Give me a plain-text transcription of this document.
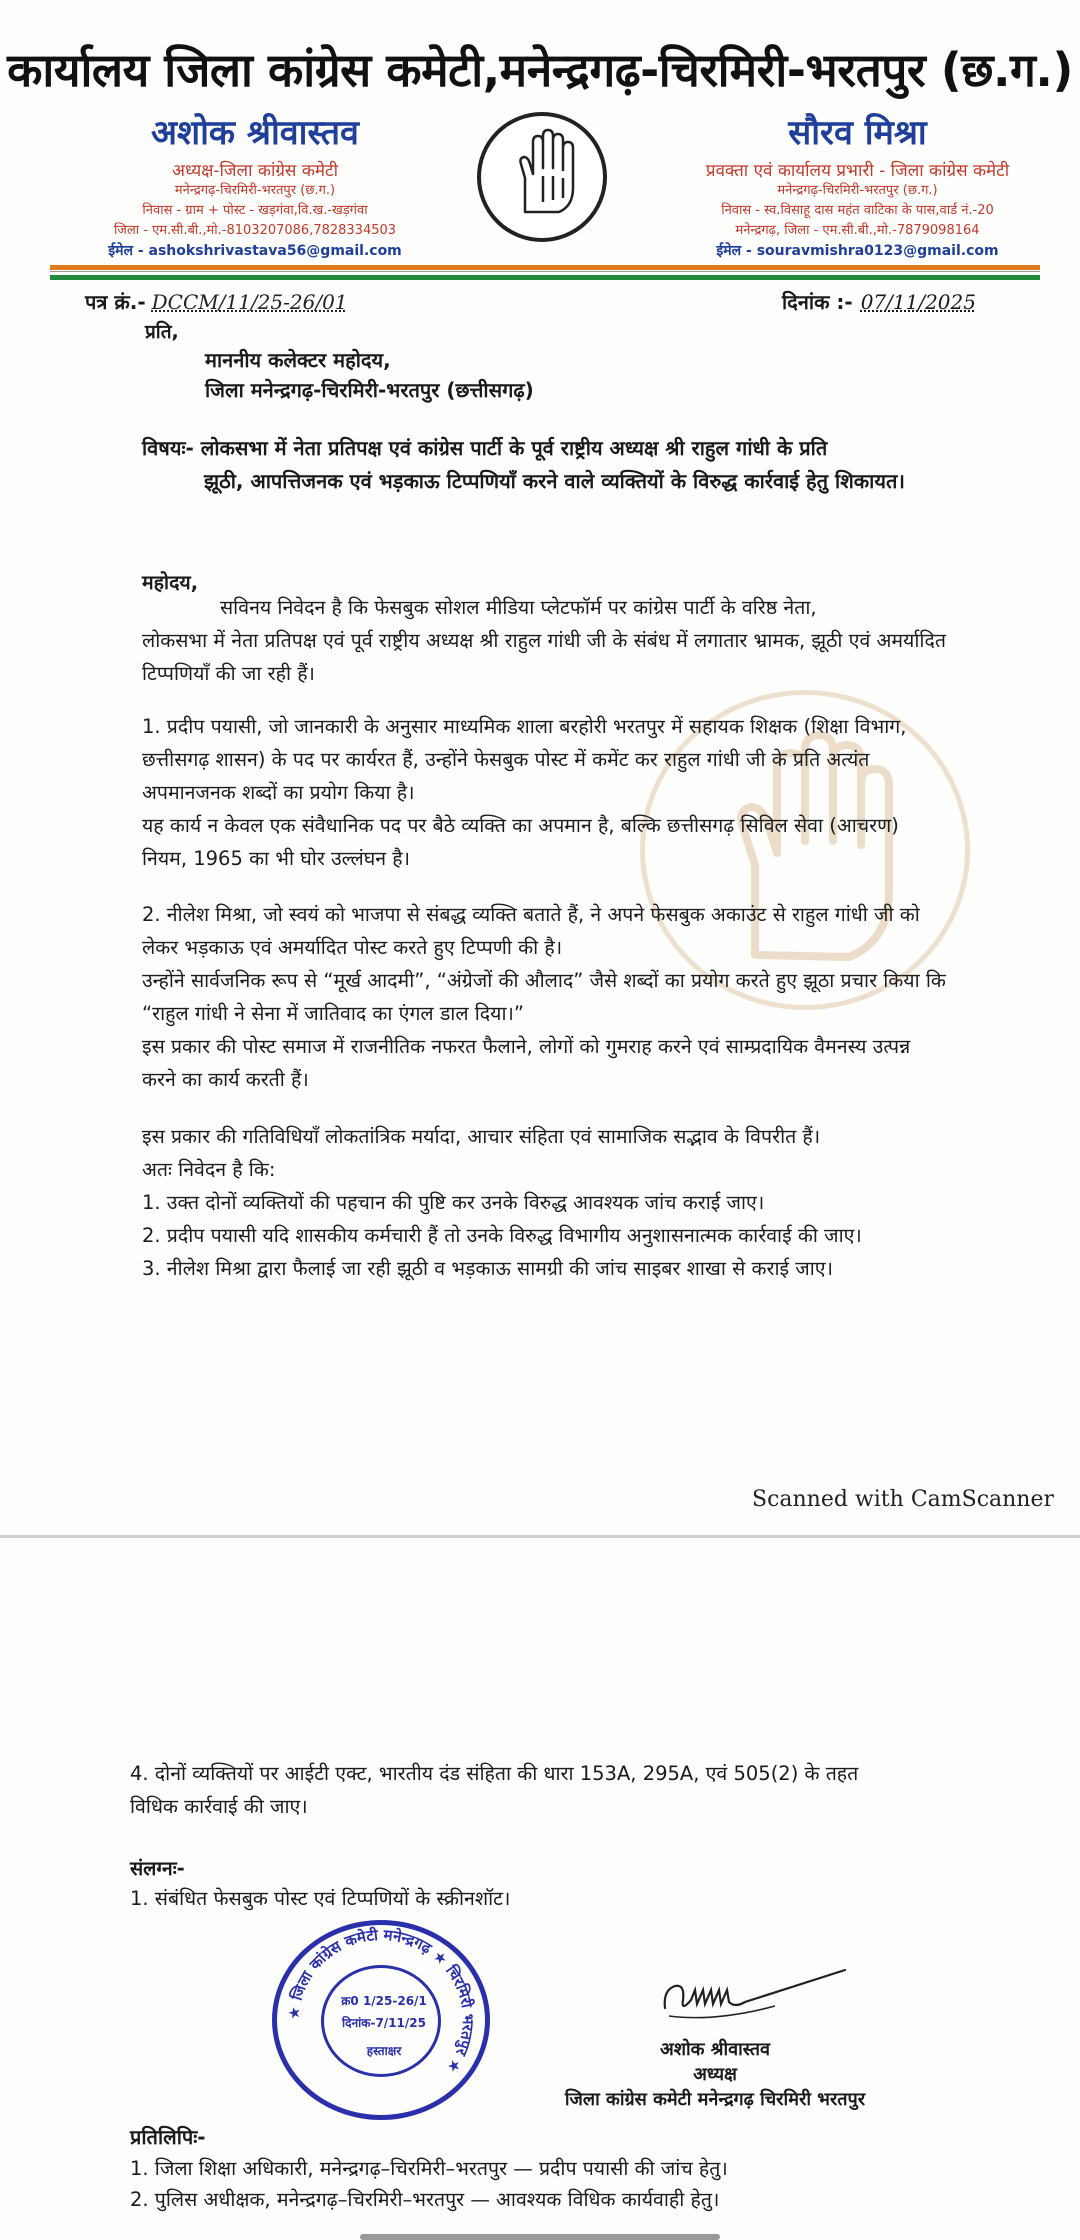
कार्यालय जिला कांग्रेस कमेटी,मनेन्द्रगढ़-चिरमिरी-भरतपुर (छ.ग.)
अशोक श्रीवास्तव
अध्यक्ष-जिला कांग्रेस कमेटी
मनेन्द्रगढ़-चिरमिरी-भरतपुर (छ.ग.)
निवास - ग्राम + पोस्ट - खड़गंवा,वि.ख.-खड़गंवा
जिला - एम.सी.बी.,मो.-8103207086,7828334503
ईमेल - ashokshrivastava56@gmail.com
सौरव मिश्रा
प्रवक्ता एवं कार्यालय प्रभारी - जिला कांग्रेस कमेटी
मनेन्द्रगढ़-चिरमिरी-भरतपुर (छ.ग.)
निवास - स्व.विसाहू दास महंत वाटिका के पास,वार्ड नं.-20
मनेन्द्रगढ़, जिला - एम.सी.बी.,मो.-7879098164
ईमेल - souravmishra0123@gmail.com
पत्र क्रं.- DCCM/11/25-26/01	दिनांक :- 07/11/2025
प्रति,
माननीय कलेक्टर महोदय,
जिला मनेन्द्रगढ़-चिरमिरी-भरतपुर (छत्तीसगढ़)
विषयः- लोकसभा में नेता प्रतिपक्ष एवं कांग्रेस पार्टी के पूर्व राष्ट्रीय अध्यक्ष श्री राहुल गांधी के प्रति
झूठी, आपत्तिजनक एवं भड़काऊ टिप्पणियाँ करने वाले व्यक्तियों के विरुद्ध कार्रवाई हेतु शिकायत।
महोदय,
सविनय निवेदन है कि फेसबुक सोशल मीडिया प्लेटफॉर्म पर कांग्रेस पार्टी के वरिष्ठ नेता,
लोकसभा में नेता प्रतिपक्ष एवं पूर्व राष्ट्रीय अध्यक्ष श्री राहुल गांधी जी के संबंध में लगातार भ्रामक, झूठी एवं अमर्यादित टिप्पणियाँ की जा रही हैं।
1. प्रदीप पयासी, जो जानकारी के अनुसार माध्यमिक शाला बरहोरी भरतपुर में सहायक शिक्षक (शिक्षा विभाग, छत्तीसगढ़ शासन) के पद पर कार्यरत हैं, उन्होंने फेसबुक पोस्ट में कमेंट कर राहुल गांधी जी के प्रति अत्यंत अपमानजनक शब्दों का प्रयोग किया है।
यह कार्य न केवल एक संवैधानिक पद पर बैठे व्यक्ति का अपमान है, बल्कि छत्तीसगढ़ सिविल सेवा (आचरण) नियम, 1965 का भी घोर उल्लंघन है।
2. नीलेश मिश्रा, जो स्वयं को भाजपा से संबद्ध व्यक्ति बताते हैं, ने अपने फेसबुक अकाउंट से राहुल गांधी जी को लेकर भड़काऊ एवं अमर्यादित पोस्ट करते हुए टिप्पणी की है।
उन्होंने सार्वजनिक रूप से “मूर्ख आदमी”, “अंग्रेजों की औलाद” जैसे शब्दों का प्रयोग करते हुए झूठा प्रचार किया कि “राहुल गांधी ने सेना में जातिवाद का एंगल डाल दिया।”
इस प्रकार की पोस्ट समाज में राजनीतिक नफरत फैलाने, लोगों को गुमराह करने एवं साम्प्रदायिक वैमनस्य उत्पन्न करने का कार्य करती हैं।
इस प्रकार की गतिविधियाँ लोकतांत्रिक मर्यादा, आचार संहिता एवं सामाजिक सद्भाव के विपरीत हैं।
अतः निवेदन है कि:
1. उक्त दोनों व्यक्तियों की पहचान की पुष्टि कर उनके विरुद्ध आवश्यक जांच कराई जाए।
2. प्रदीप पयासी यदि शासकीय कर्मचारी हैं तो उनके विरुद्ध विभागीय अनुशासनात्मक कार्रवाई की जाए।
3. नीलेश मिश्रा द्वारा फैलाई जा रही झूठी व भड़काऊ सामग्री की जांच साइबर शाखा से कराई जाए।
Scanned with CamScanner
4. दोनों व्यक्तियों पर आईटी एक्ट, भारतीय दंड संहिता की धारा 153A, 295A, एवं 505(2) के तहत विधिक कार्रवाई की जाए।
संलग्नः-
1. संबंधित फेसबुक पोस्ट एवं टिप्पणियों के स्क्रीनशॉट।
★ जिला कांग्रेस कमेटी मनेन्द्रगढ़ ★ चिरमिरी भरतपुर ★
क्र0 1/25-26/1
दिनांक-7/11/25
हस्ताक्षर	अशोक श्रीवास्तव
अध्यक्ष
जिला कांग्रेस कमेटी मनेन्द्रगढ़ चिरमिरी भरतपुर
प्रतिलिपिः-
1. जिला शिक्षा अधिकारी, मनेन्द्रगढ़–चिरमिरी–भरतपुर — प्रदीप पयासी की जांच हेतु।
2. पुलिस अधीक्षक, मनेन्द्रगढ़–चिरमिरी–भरतपुर — आवश्यक विधिक कार्यवाही हेतु।
